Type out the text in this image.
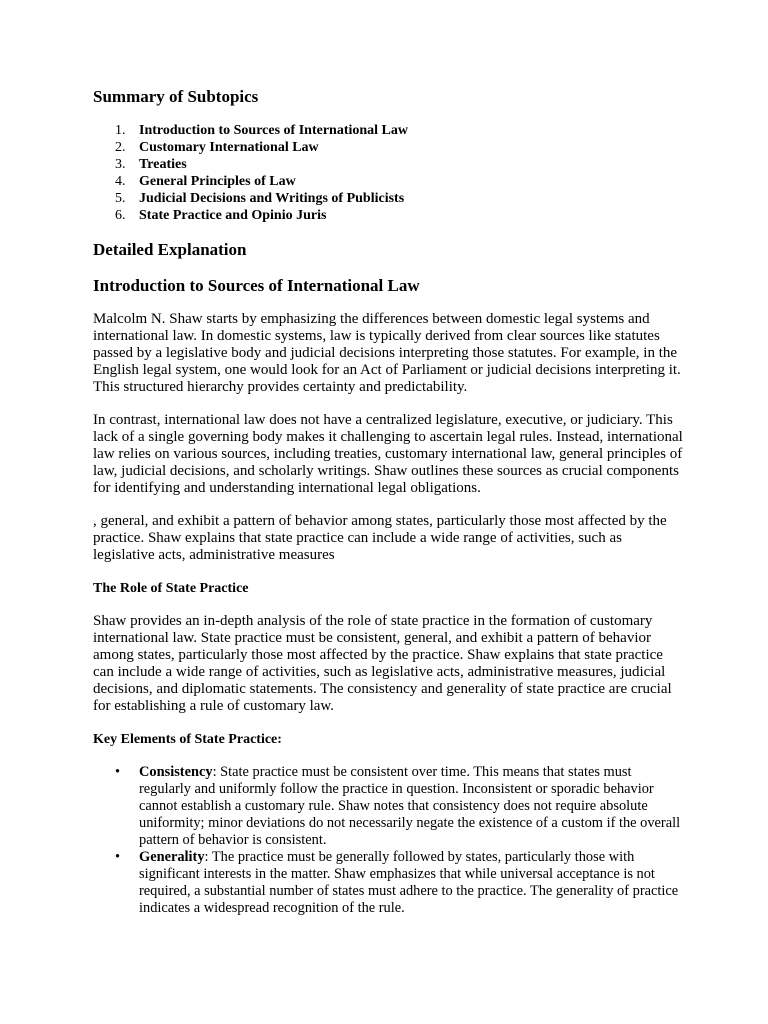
Summary of Subtopics
1. Introduction to Sources of International Law
2. Customary International Law
3. Treaties
4. General Principles of Law
5. Judicial Decisions and Writings of Publicists
6. State Practice and Opinio Juris
Detailed Explanation
Introduction to Sources of International Law

Malcolm N. Shaw starts by emphasizing the differences between domestic legal systems and international law. In domestic systems, law is typically derived from clear sources like statutes passed by a legislative body and judicial decisions interpreting those statutes. For example, in the English legal system, one would look for an Act of Parliament or judicial decisions interpreting it. This structured hierarchy provides certainty and predictability.

In contrast, international law does not have a centralized legislature, executive, or judiciary. This lack of a single governing body makes it challenging to ascertain legal rules. Instead, international law relies on various sources, including treaties, customary international law, general principles of law, judicial decisions, and scholarly writings. Shaw outlines these sources as crucial components for identifying and understanding international legal obligations.

, general, and exhibit a pattern of behavior among states, particularly those most affected by the practice. Shaw explains that state practice can include a wide range of activities, such as legislative acts, administrative measures

The Role of State Practice

Shaw provides an in-depth analysis of the role of state practice in the formation of customary international law. State practice must be consistent, general, and exhibit a pattern of behavior among states, particularly those most affected by the practice. Shaw explains that state practice can include a wide range of activities, such as legislative acts, administrative measures, judicial decisions, and diplomatic statements. The consistency and generality of state practice are crucial for establishing a rule of customary law.

Key Elements of State Practice:
• Consistency: State practice must be consistent over time. This means that states must regularly and uniformly follow the practice in question. Inconsistent or sporadic behavior cannot establish a customary rule. Shaw notes that consistency does not require absolute uniformity; minor deviations do not necessarily negate the existence of a custom if the overall pattern of behavior is consistent.
• Generality: The practice must be generally followed by states, particularly those with significant interests in the matter. Shaw emphasizes that while universal acceptance is not required, a substantial number of states must adhere to the practice. The generality of practice indicates a widespread recognition of the rule.
